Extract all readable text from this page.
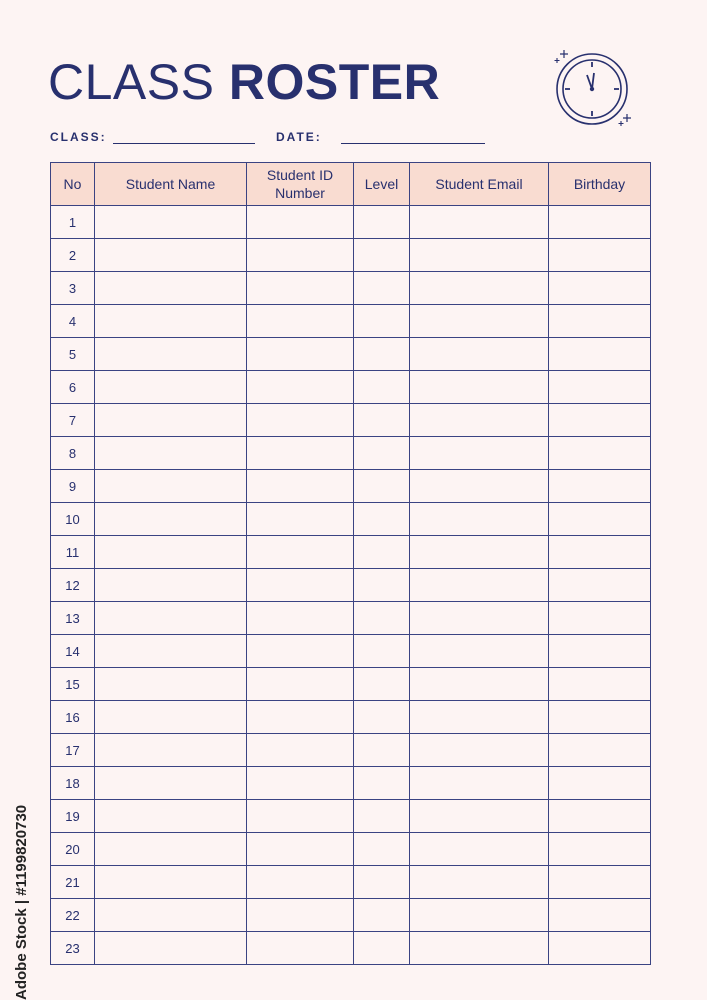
CLASS ROSTER
CLASS:	DATE:
No	Student Name	Student ID Number	Level	Student Email	Birthday
1					
2					
3					
4					
5					
6					
7					
8					
9					
10					
11					
12					
13					
14					
15					
16					
17					
18					
19					
20					
21					
22					
23					
Adobe Stock | #1199820730
